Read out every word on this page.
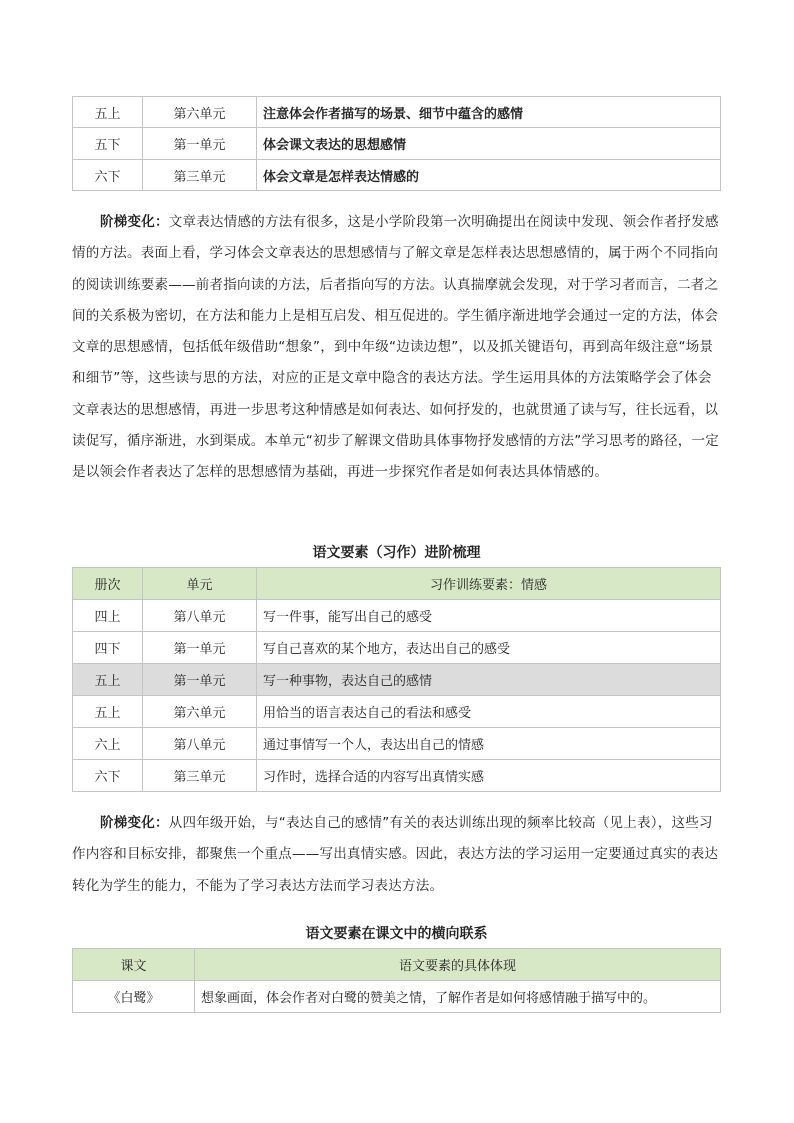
五上	第六单元	注意体会作者描写的场景、细节中蕴含的感情
五下	第一单元	体会课文表达的思想感情
六下	第三单元	体会文章是怎样表达情感的

阶梯变化：文章表达情感的方法有很多，这是小学阶段第一次明确提出在阅读中发现、领会作者抒发感情的方法。表面上看，学习体会文章表达的思想感情与了解文章是怎样表达思想感情的，属于两个不同指向的阅读训练要素——前者指向读的方法，后者指向写的方法。认真揣摩就会发现，对于学习者而言，二者之间的关系极为密切，在方法和能力上是相互启发、相互促进的。学生循序渐进地学会通过一定的方法，体会文章的思想感情，包括低年级借助“想象”，到中年级“边读边想”，以及抓关键语句，再到高年级注意“场景和细节”等，这些读与思的方法，对应的正是文章中隐含的表达方法。学生运用具体的方法策略学会了体会文章表达的思想感情，再进一步思考这种情感是如何表达、如何抒发的，也就贯通了读与写，往长远看，以读促写，循序渐进，水到渠成。本单元“初步了解课文借助具体事物抒发感情的方法”学习思考的路径，一定是以领会作者表达了怎样的思想感情为基础，再进一步探究作者是如何表达具体情感的。

语文要素（习作）进阶梳理
册次	单元	习作训练要素：情感
四上	第八单元	写一件事，能写出自己的感受
四下	第一单元	写自己喜欢的某个地方，表达出自己的感受
五上	第一单元	写一种事物，表达自己的感情
五上	第六单元	用恰当的语言表达自己的看法和感受
六上	第八单元	通过事情写一个人，表达出自己的情感
六下	第三单元	习作时，选择合适的内容写出真情实感

阶梯变化：从四年级开始，与“表达自己的感情”有关的表达训练出现的频率比较高（见上表），这些习作内容和目标安排，都聚焦一个重点——写出真情实感。因此，表达方法的学习运用一定要通过真实的表达转化为学生的能力，不能为了学习表达方法而学习表达方法。

语文要素在课文中的横向联系
课文	语文要素的具体体现
《白鹭》	想象画面，体会作者对白鹭的赞美之情，了解作者是如何将感情融于描写中的。
